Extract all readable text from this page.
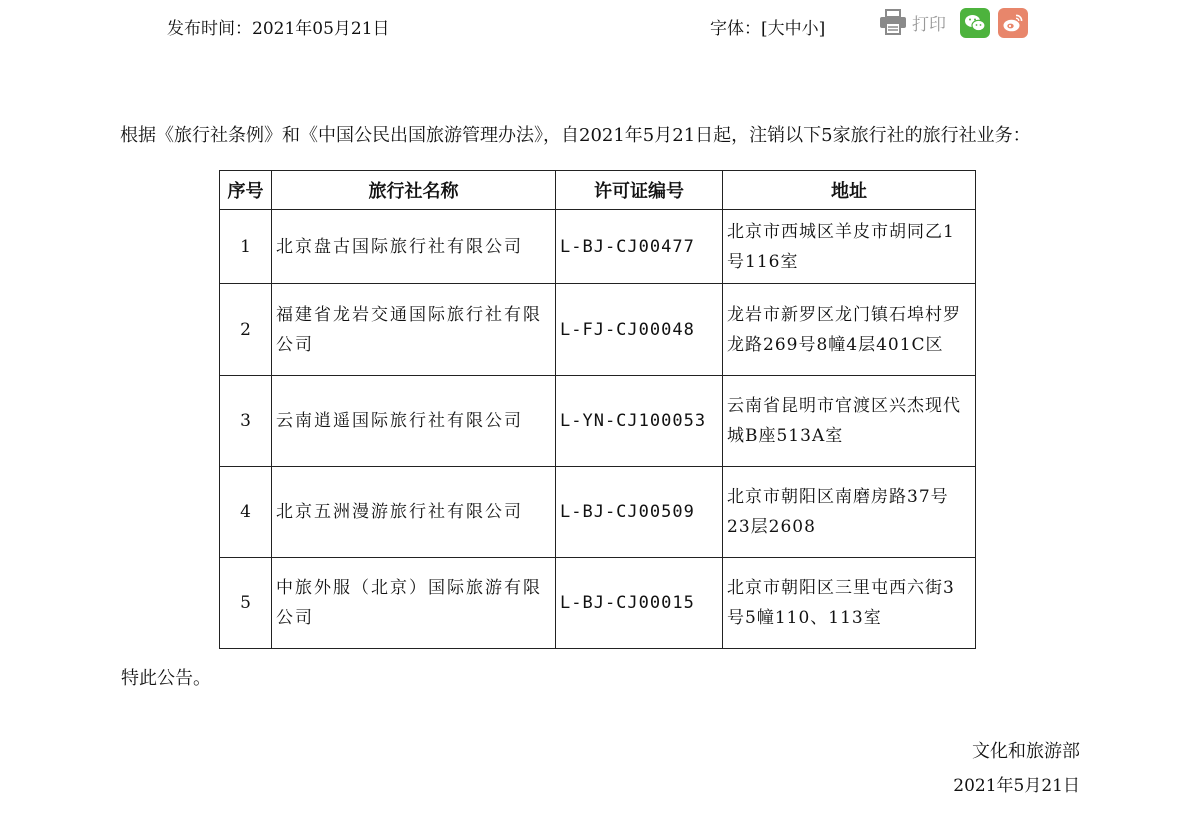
发布时间：2021年05月21日	字体：[大中小]	打印

根据《旅行社条例》和《中国公民出国旅游管理办法》，自2021年5月21日起，注销以下5家旅行社的旅行社业务：

序号	旅行社名称	许可证编号	地址
1	北京盘古国际旅行社有限公司	L-BJ-CJ00477	北京市西城区羊皮市胡同乙1号116室
2	福建省龙岩交通国际旅行社有限公司	L-FJ-CJ00048	龙岩市新罗区龙门镇石埠村罗龙路269号8幢4层401C区
3	云南逍遥国际旅行社有限公司	L-YN-CJ100053	云南省昆明市官渡区兴杰现代城B座513A室
4	北京五洲漫游旅行社有限公司	L-BJ-CJ00509	北京市朝阳区南磨房路37号23层2608
5	中旅外服（北京）国际旅游有限公司	L-BJ-CJ00015	北京市朝阳区三里屯西六街3号5幢110、113室
特此公告。
文化和旅游部
2021年5月21日
